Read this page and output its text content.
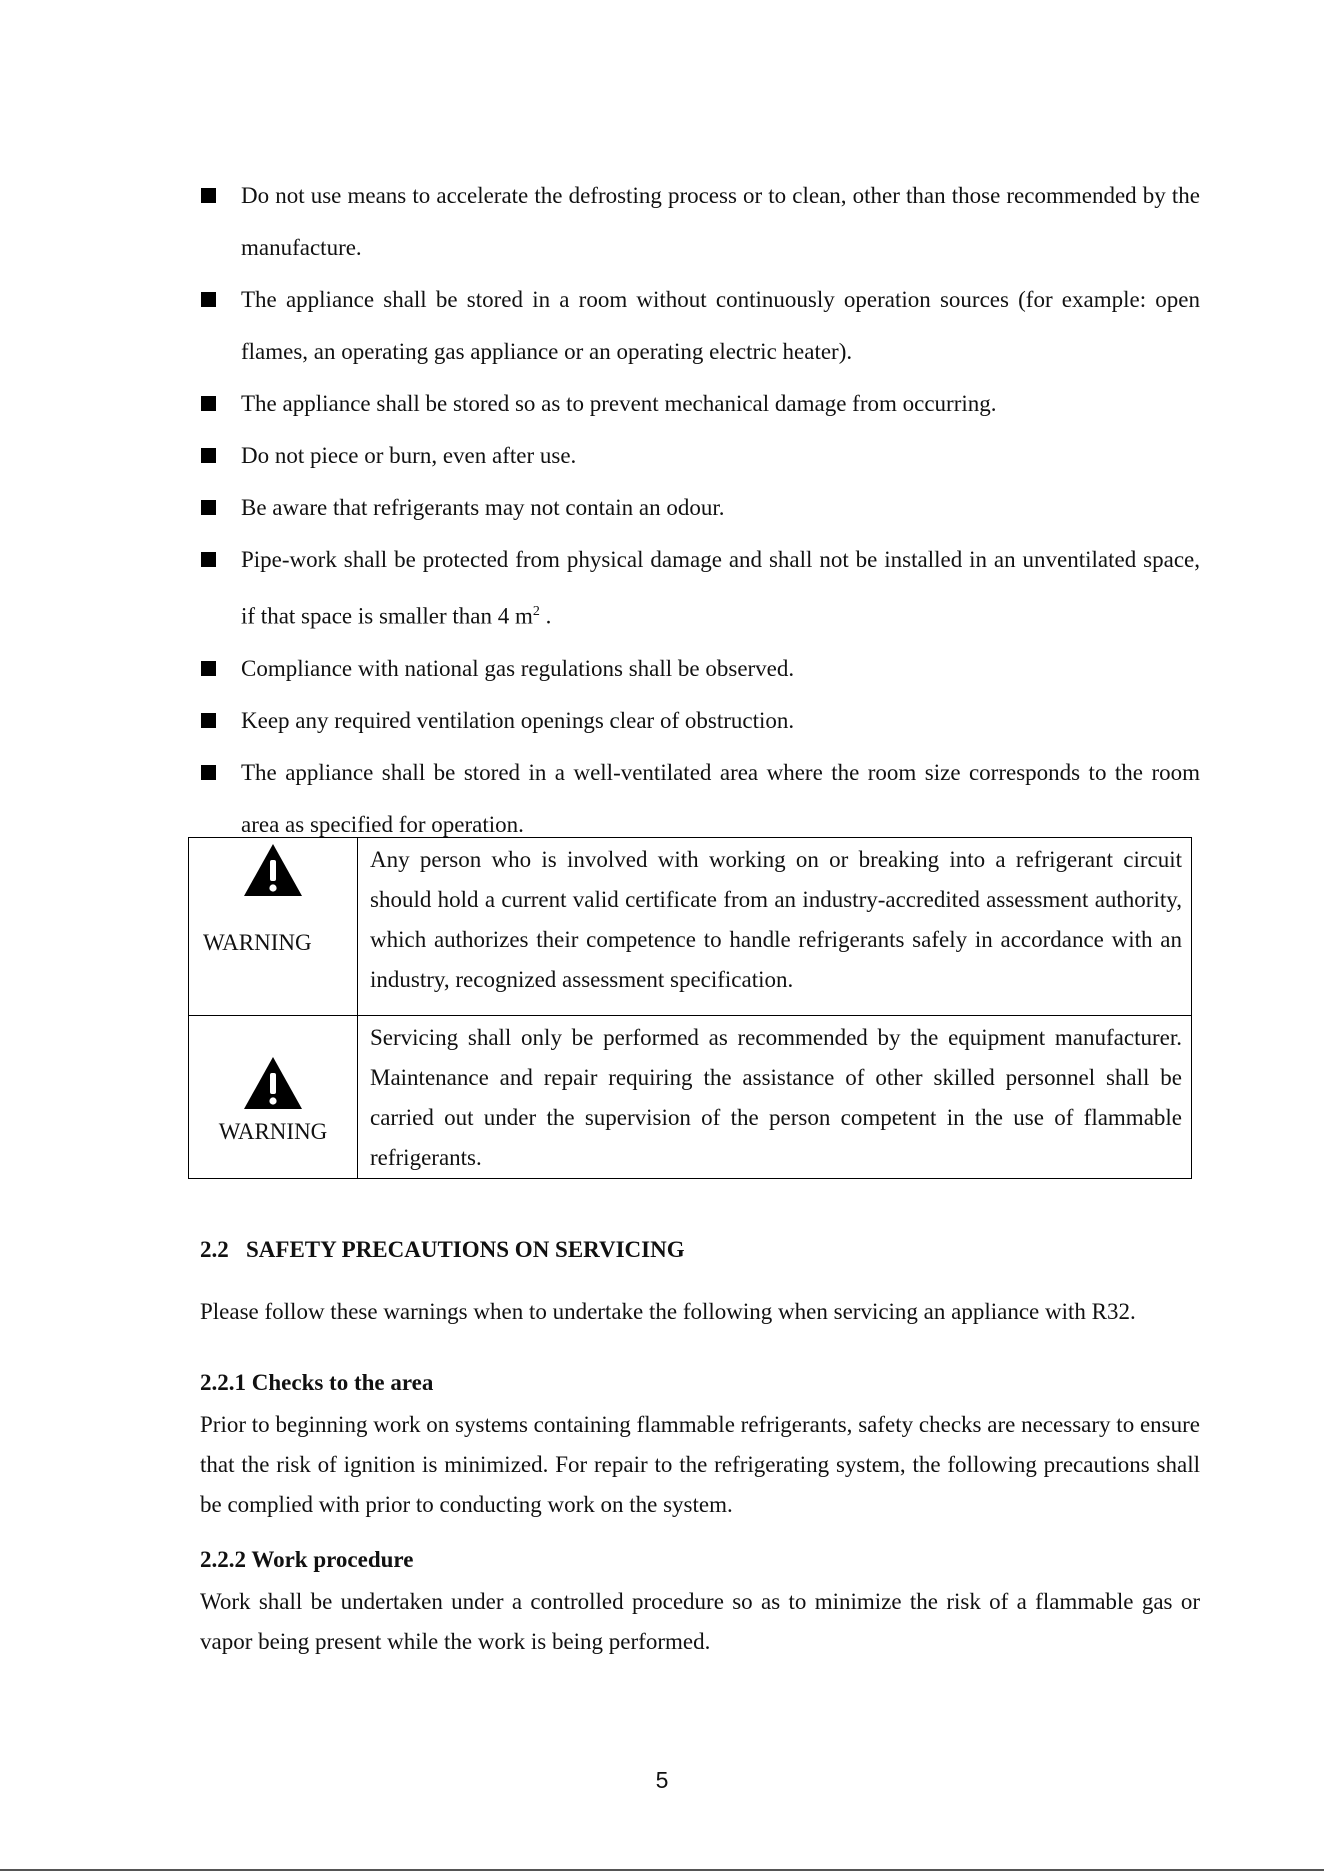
Do not use means to accelerate the defrosting process or to clean, other than those recommended by the manufacture.
The appliance shall be stored in a room without continuously operation sources (for example: open flames, an operating gas appliance or an operating electric heater).
The appliance shall be stored so as to prevent mechanical damage from occurring.
Do not piece or burn, even after use.
Be aware that refrigerants may not contain an odour.
Pipe-work shall be protected from physical damage and shall not be installed in an unventilated space, if that space is smaller than 4 $m^2$ .
Compliance with national gas regulations shall be observed.
Keep any required ventilation openings clear of obstruction.
The appliance shall be stored in a well-ventilated area where the room size corresponds to the room area as specified for operation.
WARNING	Any person who is involved with working on or breaking into a refrigerant circuit should hold a current valid certificate from an industry-accredited assessment authority, which authorizes their competence to handle refrigerants safely in accordance with an industry, recognized assessment specification.

WARNING	Servicing shall only be performed as recommended by the equipment manufacturer. Maintenance and repair requiring the assistance of other skilled personnel shall be carried out under the supervision of the person competent in the use of flammable refrigerants.
2.2 SAFETY PRECAUTIONS ON SERVICING

Please follow these warnings when to undertake the following when servicing an appliance with R32.

2.2.1 Checks to the area

Prior to beginning work on systems containing flammable refrigerants, safety checks are necessary to ensure that the risk of ignition is minimized. For repair to the refrigerating system, the following precautions shall be complied with prior to conducting work on the system.

2.2.2 Work procedure

Work shall be undertaken under a controlled procedure so as to minimize the risk of a flammable gas or vapor being present while the work is being performed.

5
